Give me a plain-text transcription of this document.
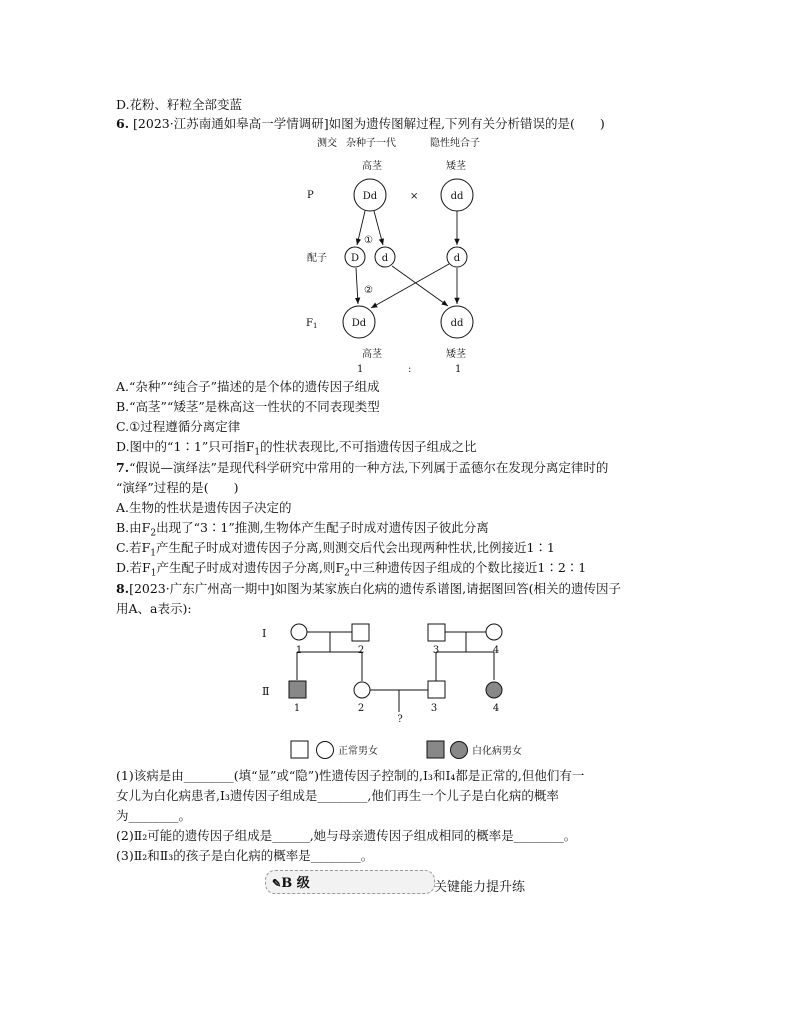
D.花粉、籽粒全部变蓝
6. [2023·江苏南通如皋高一学情调研]如图为遗传图解过程,下列有关分析错误的是(　　)
测交 杂种子一代	隐性纯合子
高茎	矮茎
P	×
配子
$F_1$
①
②
高茎	矮茎
1	:	1
Dd	dd
D d	d
Dd	dd
A.“杂种”“纯合子”描述的是个体的遗传因子组成
B.“高茎”“矮茎”是株高这一性状的不同表现类型
C.①过程遵循分离定律
D.图中的“1∶1”只可指$F_1$的性状表现比,不可指遗传因子组成之比
7.“假说—演绎法”是现代科学研究中常用的一种方法,下列属于孟德尔在发现分离定律时的
“演绎”过程的是(　　)
A.生物的性状是遗传因子决定的
B.由$F_2$出现了“3∶1”推测,生物体产生配子时成对遗传因子彼此分离
C.若$F_1$产生配子时成对遗传因子分离,则测交后代会出现两种性状,比例接近1∶1
D.若$F_1$产生配子时成对遗传因子分离,则$F_2$中三种遗传因子组成的个数比接近1∶2∶1
8.[2023·广东广州高一期中]如图为某家族白化病的遗传系谱图,请据图回答(相关的遗传因子
用A、a表示):
Ⅰ
Ⅱ
1	2	3	4
1	2	3	4
?
正常男女	白化病男女
(1)该病是由________(填“显”或“隐”)性遗传因子控制的,Ⅰ₃和Ⅰ₄都是正常的,但他们有一
女儿为白化病患者,Ⅰ₃遗传因子组成是________,他们再生一个儿子是白化病的概率
为________。
(2)Ⅱ₂可能的遗传因子组成是______,她与母亲遗传因子组成相同的概率是________。
(3)Ⅱ₂和Ⅱ₃的孩子是白化病的概率是________。
✎B 级	关键能力提升练
